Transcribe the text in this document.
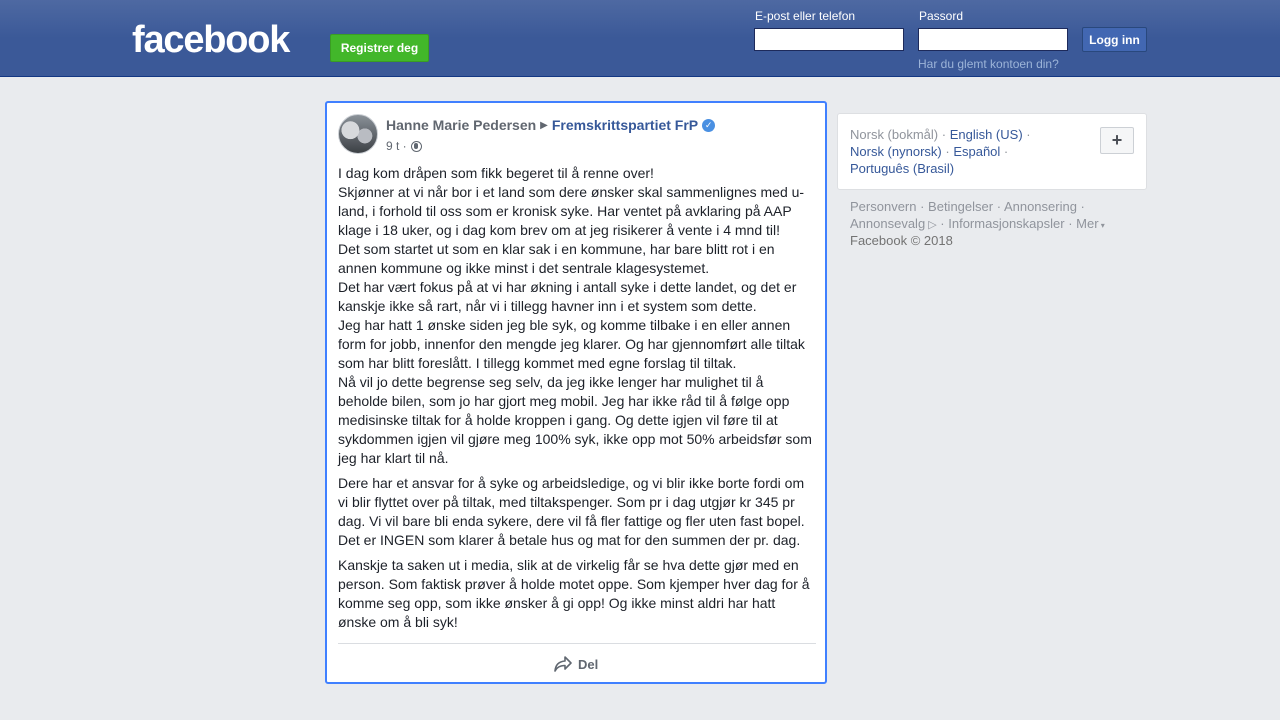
facebook	Registrer deg
E-post eller telefon	Passord
Logg inn
Har du glemt kontoen din?
Hanne Marie Pedersen ▶ Fremskrittspartiet FrP ✓
9 t ·

I dag kom dråpen som fikk begeret til å renne over!
Skjønner at vi når bor i et land som dere ønsker skal sammenlignes med u-
land, i forhold til oss som er kronisk syke. Har ventet på avklaring på AAP
klage i 18 uker, og i dag kom brev om at jeg risikerer å vente i 4 mnd til!
Det som startet ut som en klar sak i en kommune, har bare blitt rot i en
annen kommune og ikke minst i det sentrale klagesystemet.
Det har vært fokus på at vi har økning i antall syke i dette landet, og det er
kanskje ikke så rart, når vi i tillegg havner inn i et system som dette.
Jeg har hatt 1 ønske siden jeg ble syk, og komme tilbake i en eller annen
form for jobb, innenfor den mengde jeg klarer. Og har gjennomført alle tiltak
som har blitt foreslått. I tillegg kommet med egne forslag til tiltak.
Nå vil jo dette begrense seg selv, da jeg ikke lenger har mulighet til å
beholde bilen, som jo har gjort meg mobil. Jeg har ikke råd til å følge opp
medisinske tiltak for å holde kroppen i gang. Og dette igjen vil føre til at
sykdommen igjen vil gjøre meg 100% syk, ikke opp mot 50% arbeidsfør som
jeg har klart til nå.

Dere har et ansvar for å syke og arbeidsledige, og vi blir ikke borte fordi om
vi blir flyttet over på tiltak, med tiltakspenger. Som pr i dag utgjør kr 345 pr
dag. Vi vil bare bli enda sykere, dere vil få fler fattige og fler uten fast bopel.
Det er INGEN som klarer å betale hus og mat for den summen der pr. dag.

Kanskje ta saken ut i media, slik at de virkelig får se hva dette gjør med en
person. Som faktisk prøver å holde motet oppe. Som kjemper hver dag for å
komme seg opp, som ikke ønsker å gi opp! Og ikke minst aldri har hatt
ønske om å bli syk!

Del
Norsk (bokmål) · English (US) ·
Norsk (nynorsk) · Español ·
Português (Brasil)
+
Personvern · Betingelser · Annonsering ·
Annonsevalg ▷ · Informasjonskapsler · Mer ▾
Facebook © 2018
